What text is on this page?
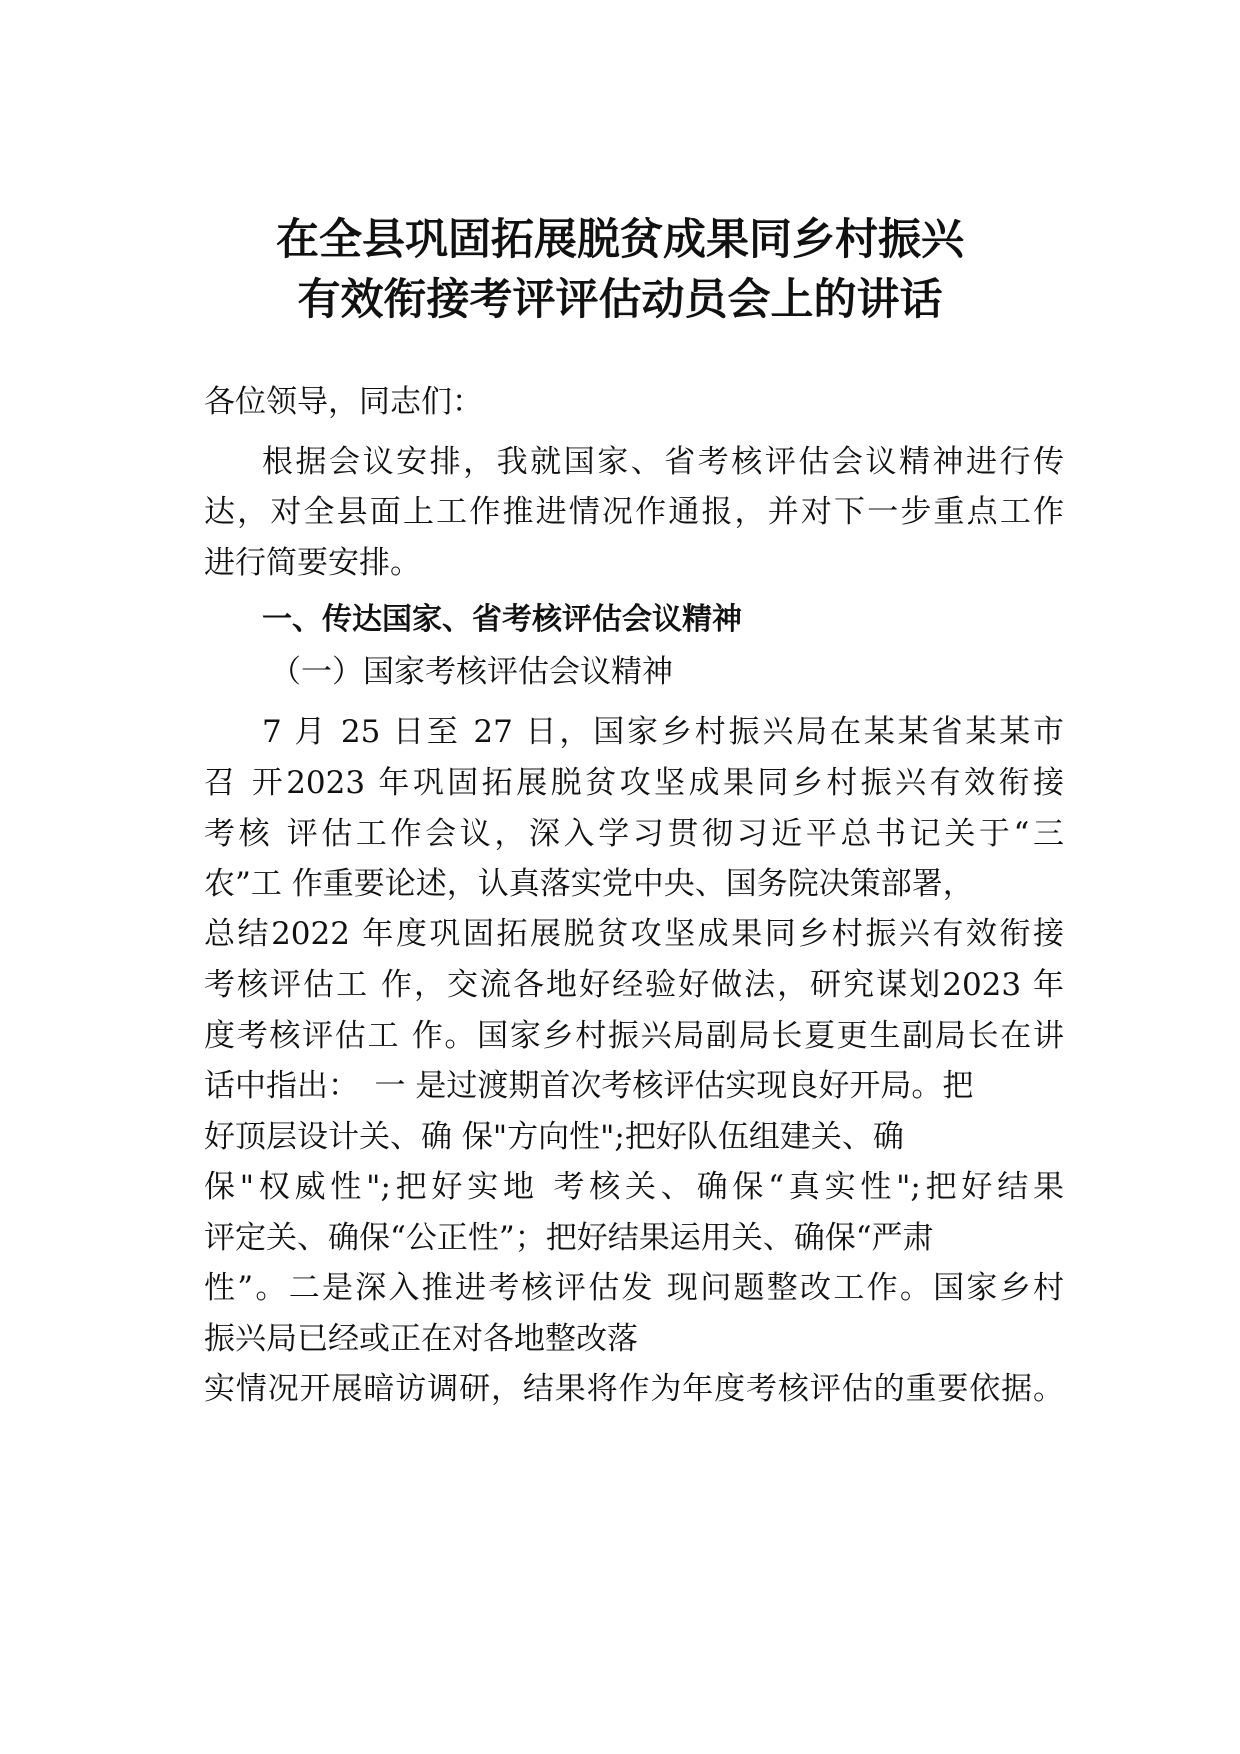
在全县巩固拓展脱贫成果同乡村振兴
有效衔接考评评估动员会上的讲话
各位领导，同志们：
根据会议安排，我就国家、省考核评估会议精神进行传
达，对全县面上工作推进情况作通报，并对下一步重点工作
进行简要安排。
一、传达国家、省考核评估会议精神
（一）国家考核评估会议精神
7 月 25 日至 27 日，国家乡村振兴局在某某省某某市
召 开2023 年巩固拓展脱贫攻坚成果同乡村振兴有效衔接
考核 评估工作会议，深入学习贯彻习近平总书记关于“三
农”工 作重要论述，认真落实党中央、国务院决策部署，
总结2022 年度巩固拓展脱贫攻坚成果同乡村振兴有效衔接
考核评估工 作，交流各地好经验好做法，研究谋划2023 年
度考核评估工 作。国家乡村振兴局副局长夏更生副局长在讲
话中指出：　一 是过渡期首次考核评估实现良好开局。把
好顶层设计关、确 保"方向性";把好队伍组建关、确
保"权威性";把好实地 考核关、确保“真实性";把好结果
评定关、确保“公正性”；把好结果运用关、确保“严肃
性”。二是深入推进考核评估发 现问题整改工作。国家乡村
振兴局已经或正在对各地整改落
实情况开展暗访调研，结果将作为年度考核评估的重要依据。
